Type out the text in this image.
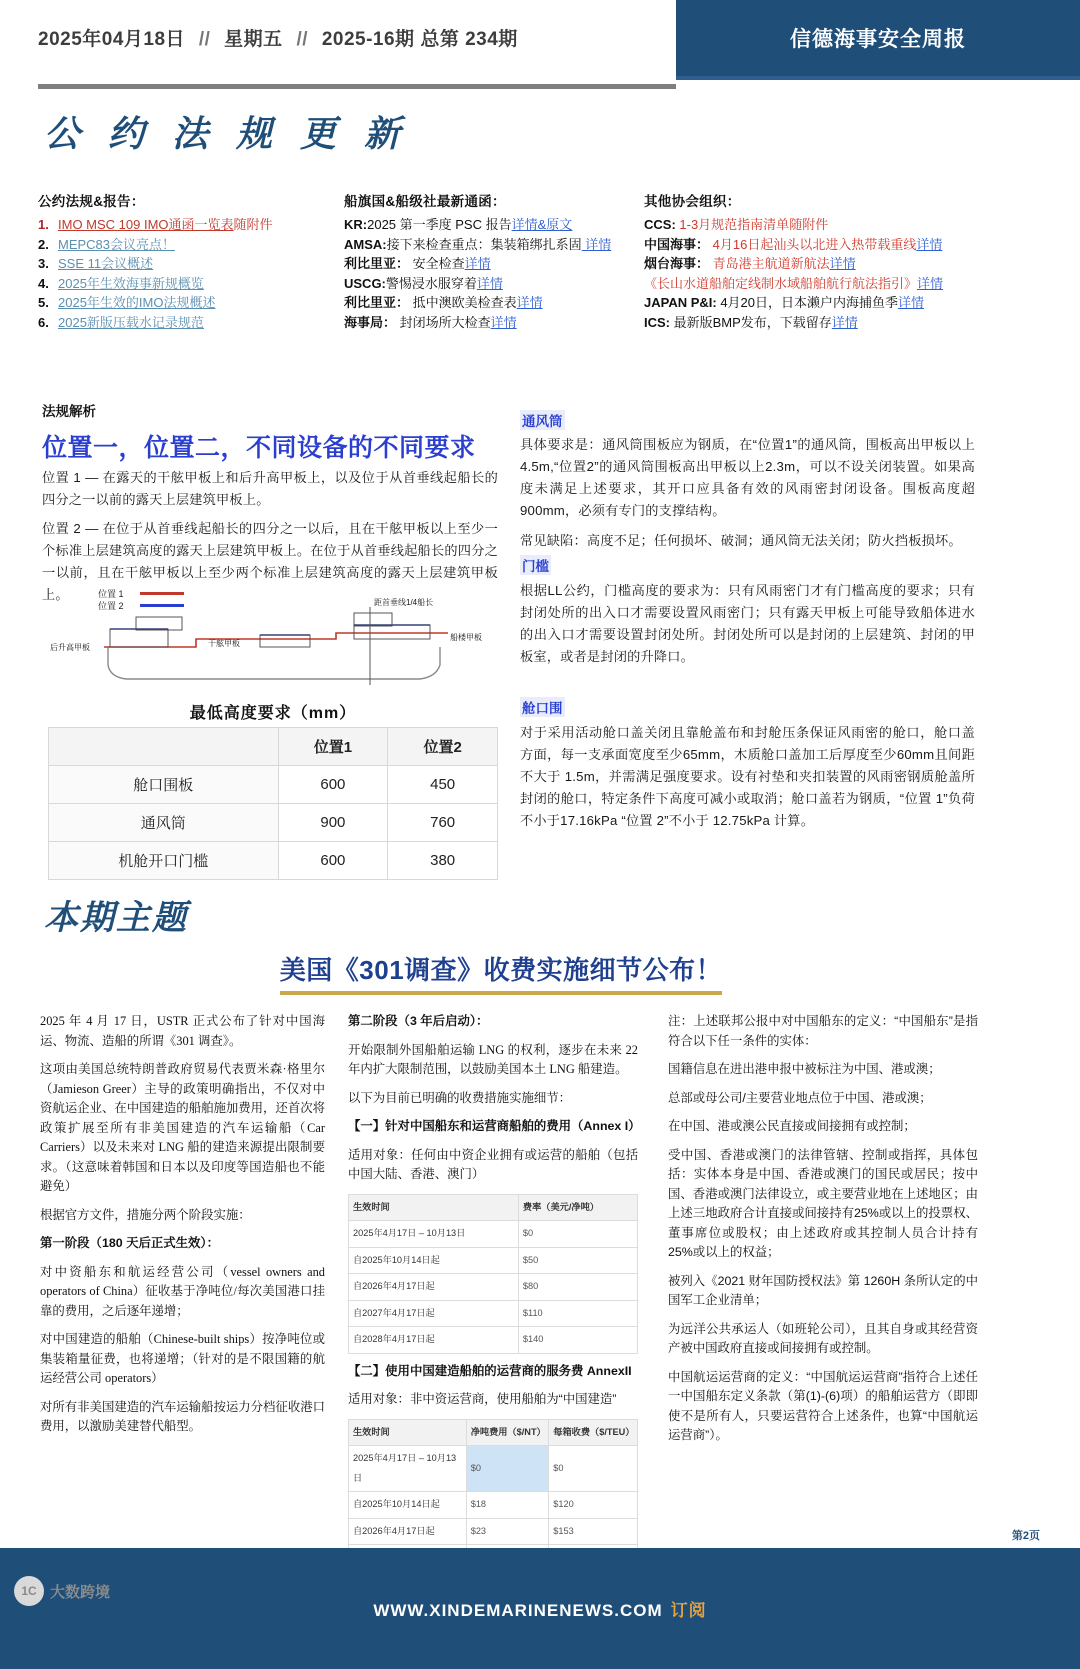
2025年04月18日 // 星期五 // 2025-16期 总第 234期	信德海事安全周报
公 约 法 规 更 新
公约法规&报告：
1. IMO MSC 109 IMO通函一览表随附件
2. MEPC83会议亮点！
3. SSE 11会议概述
4. 2025年生效海事新规概览
5. 2025年生效的IMO法规概述
6. 2025新版压载水记录规范
船旗国&船级社最新通函：
KR:2025 第一季度 PSC 报告详情&原文
AMSA:接下来检查重点：集装箱绑扎系固 详情
利比里亚： 安全检查详情
USCG:警惕浸水服穿着详情
利比里亚： 抵中澳欧美检查表详情
海事局： 封闭场所大检查详情
其他协会组织：
CCS: 1-3月规范指南清单随附件
中国海事： 4月16日起汕头以北进入热带载重线详情
烟台海事： 青岛港主航道新航法详情
《长山水道船舶定线制水域船舶航行航法指引》详情
JAPAN P&I: 4月20日，日本濑户内海捕鱼季详情
ICS: 最新版BMP发布，下载留存详情
法规解析
位置一，位置二，不同设备的不同要求
位置 1 — 在露天的干舷甲板上和后升高甲板上，以及位于从首垂线起船长的四分之一以前的露天上层建筑甲板上。
位置 2 — 在位于从首垂线起船长的四分之一以后，且在干舷甲板以上至少一个标准上层建筑高度的露天上层建筑甲板上。在位于从首垂线起船长的四分之一以前，且在干舷甲板以上至少两个标准上层建筑高度的露天上层建筑甲板上。	位置 1
位置 2	距首垂线1/4船长
后升高甲板	干舷甲板
船楼甲板
最低高度要求（mm）
	位置1	位置2
舱口围板	600	450
通风筒	900	760
机舱开口门槛	600	380
通风筒
具体要求是：通风筒围板应为钢质，在“位置1”的通风筒，围板高出甲板以上4.5m,“位置2”的通风筒围板高出甲板以上2.3m，可以不设关闭装置。如果高度未满足上述要求，其开口应具备有效的风雨密封闭设备。围板高度超900mm，必须有专门的支撑结构。
常见缺陷：高度不足；任何损坏、破洞；通风筒无法关闭；防火挡板损坏。
门槛
根据LL公约，门槛高度的要求为：只有风雨密门才有门槛高度的要求；只有封闭处所的出入口才需要设置风雨密门；只有露天甲板上可能导致船体进水的出入口才需要设置封闭处所。封闭处所可以是封闭的上层建筑、封闭的甲板室，或者是封闭的升降口。
舱口围
对于采用活动舱口盖关闭且靠舱盖布和封舱压条保证风雨密的舱口，舱口盖方面，每一支承面宽度至少65mm，木质舱口盖加工后厚度至少60mm且间距不大于 1.5m，并需满足强度要求。设有衬垫和夹扣装置的风雨密钢质舱盖所封闭的舱口，特定条件下高度可减小或取消；舱口盖若为钢质，“位置 1”负荷不小于17.16kPa “位置 2”不小于 12.75kPa 计算。
本期主题
美国《301调查》收费实施细节公布！

2025 年 4 月 17 日，USTR 正式公布了针对中国海运、物流、造船的所谓《301 调查》。

这项由美国总统特朗普政府贸易代表贾米森·格里尔（Jamieson Greer）主导的政策明确指出，不仅对中资航运企业、在中国建造的船舶施加费用，还首次将政策扩展至所有非美国建造的汽车运输船（Car Carriers）以及未来对 LNG 船的建造来源提出限制要求。（这意味着韩国和日本以及印度等国造船也不能避免）

根据官方文件，措施分两个阶段实施：

第一阶段（180 天后正式生效）：

对中资船东和航运经营公司（vessel owners and operators of China）征收基于净吨位/每次美国港口挂靠的费用，之后逐年递增；

对中国建造的船舶（Chinese-built ships）按净吨位或集装箱量征费，也将递增；（针对的是不限国籍的航运经营公司 operators）

对所有非美国建造的汽车运输船按运力分档征收港口费用，以激励美建替代船型。

第二阶段（3 年后启动）：

开始限制外国船舶运输 LNG 的权利，逐步在未来 22 年内扩大限制范围，以鼓励美国本土 LNG 船建造。

以下为目前已明确的收费措施实施细节：

【一】针对中国船东和运营商船舶的费用（Annex I）

适用对象：任何由中资企业拥有或运营的船舶（包括中国大陆、香港、澳门）

生效时间	费率（美元/净吨）
2025年4月17日 – 10月13日	$0
自2025年10月14日起	$50
自2026年4月17日起	$80
自2027年4月17日起	$110
自2028年4月17日起	$140

【二】使用中国建造船舶的运营商的服务费 AnnexII

适用对象：非中资运营商，使用船舶为“中国建造”

生效时间	净吨费用（$/NT）	每箱收费（$/TEU）
2025年4月17日 – 10月13日	$0	$0
自2025年10月14日起	$18	$120
自2026年4月17日起	$23	$153

注：上述联邦公报中对中国船东的定义：“中国船东”是指符合以下任一条件的实体：

国籍信息在进出港申报中被标注为中国、港或澳；

总部或母公司/主要营业地点位于中国、港或澳；

在中国、港或澳公民直接或间接拥有或控制；

受中国、香港或澳门的法律管辖、控制或指挥，具体包括：实体本身是中国、香港或澳门的国民或居民；按中国、香港或澳门法律设立，或主要营业地在上述地区；由上述三地政府合计直接或间接持有25%或以上的投票权、董事席位或股权；由上述政府或其控制人员合计持有 25%或以上的权益；

被列入《2021 财年国防授权法》第 1260H 条所认定的中国军工企业清单；

为远洋公共承运人（如班轮公司），且其自身或其经营资产被中国政府直接或间接拥有或控制。

中国航运运营商的定义：“中国航运运营商”指符合上述任一中国船东定义条款（第(1)-(6)项）的船舶运营方（即即使不是所有人，只要运营符合上述条件，也算“中国航运运营商”）。

第2页
WWW.XINDEMARINENEWS.COM 订阅
1C 大数跨境
